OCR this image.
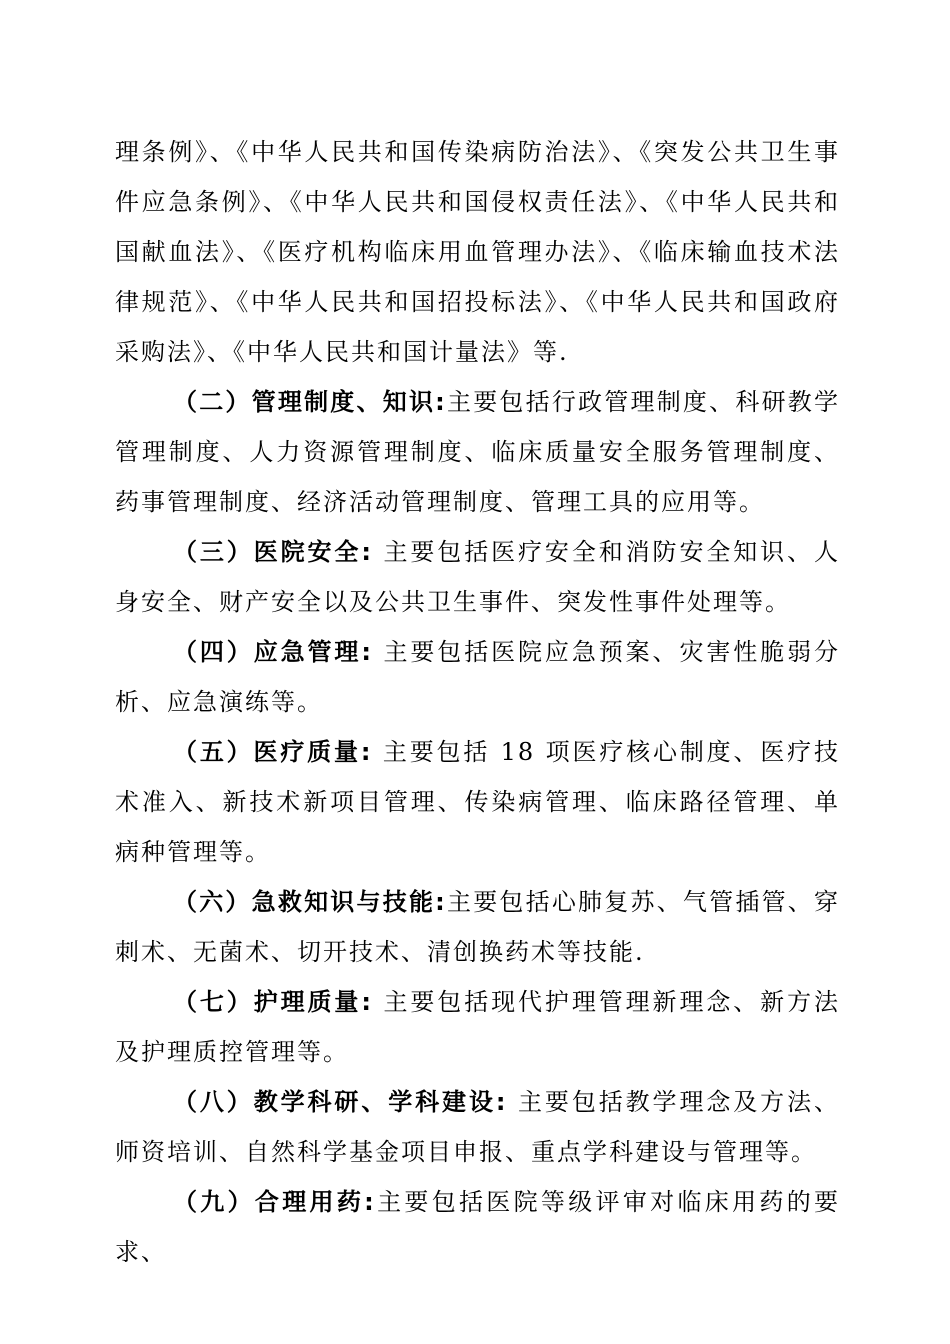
理条例》、《中华人民共和国传染病防治法》、《突发公共卫生事件应急条例》、《中华人民共和国侵权责任法》、《中华人民共和国献血法》、《医疗机构临床用血管理办法》、《临床输血技术法律规范》、《中华人民共和国招投标法》、《中华人民共和国政府采购法》、《中华人民共和国计量法》等.

（二）管理制度、知识:主要包括行政管理制度、科研教学管理制度、人力资源管理制度、临床质量安全服务管理制度、药事管理制度、经济活动管理制度、管理工具的应用等。

（三）医院安全: 主要包括医疗安全和消防安全知识、人身安全、财产安全以及公共卫生事件、突发性事件处理等。

（四）应急管理: 主要包括医院应急预案、灾害性脆弱分析、应急演练等。

（五）医疗质量: 主要包括 18 项医疗核心制度、医疗技术准入、新技术新项目管理、传染病管理、临床路径管理、单病种管理等。

（六）急救知识与技能:主要包括心肺复苏、气管插管、穿刺术、无菌术、切开技术、清创换药术等技能.

（七）护理质量: 主要包括现代护理管理新理念、新方法及护理质控管理等。

（八）教学科研、学科建设: 主要包括教学理念及方法、师资培训、自然科学基金项目申报、重点学科建设与管理等。

（九）合理用药:主要包括医院等级评审对临床用药的要求、
